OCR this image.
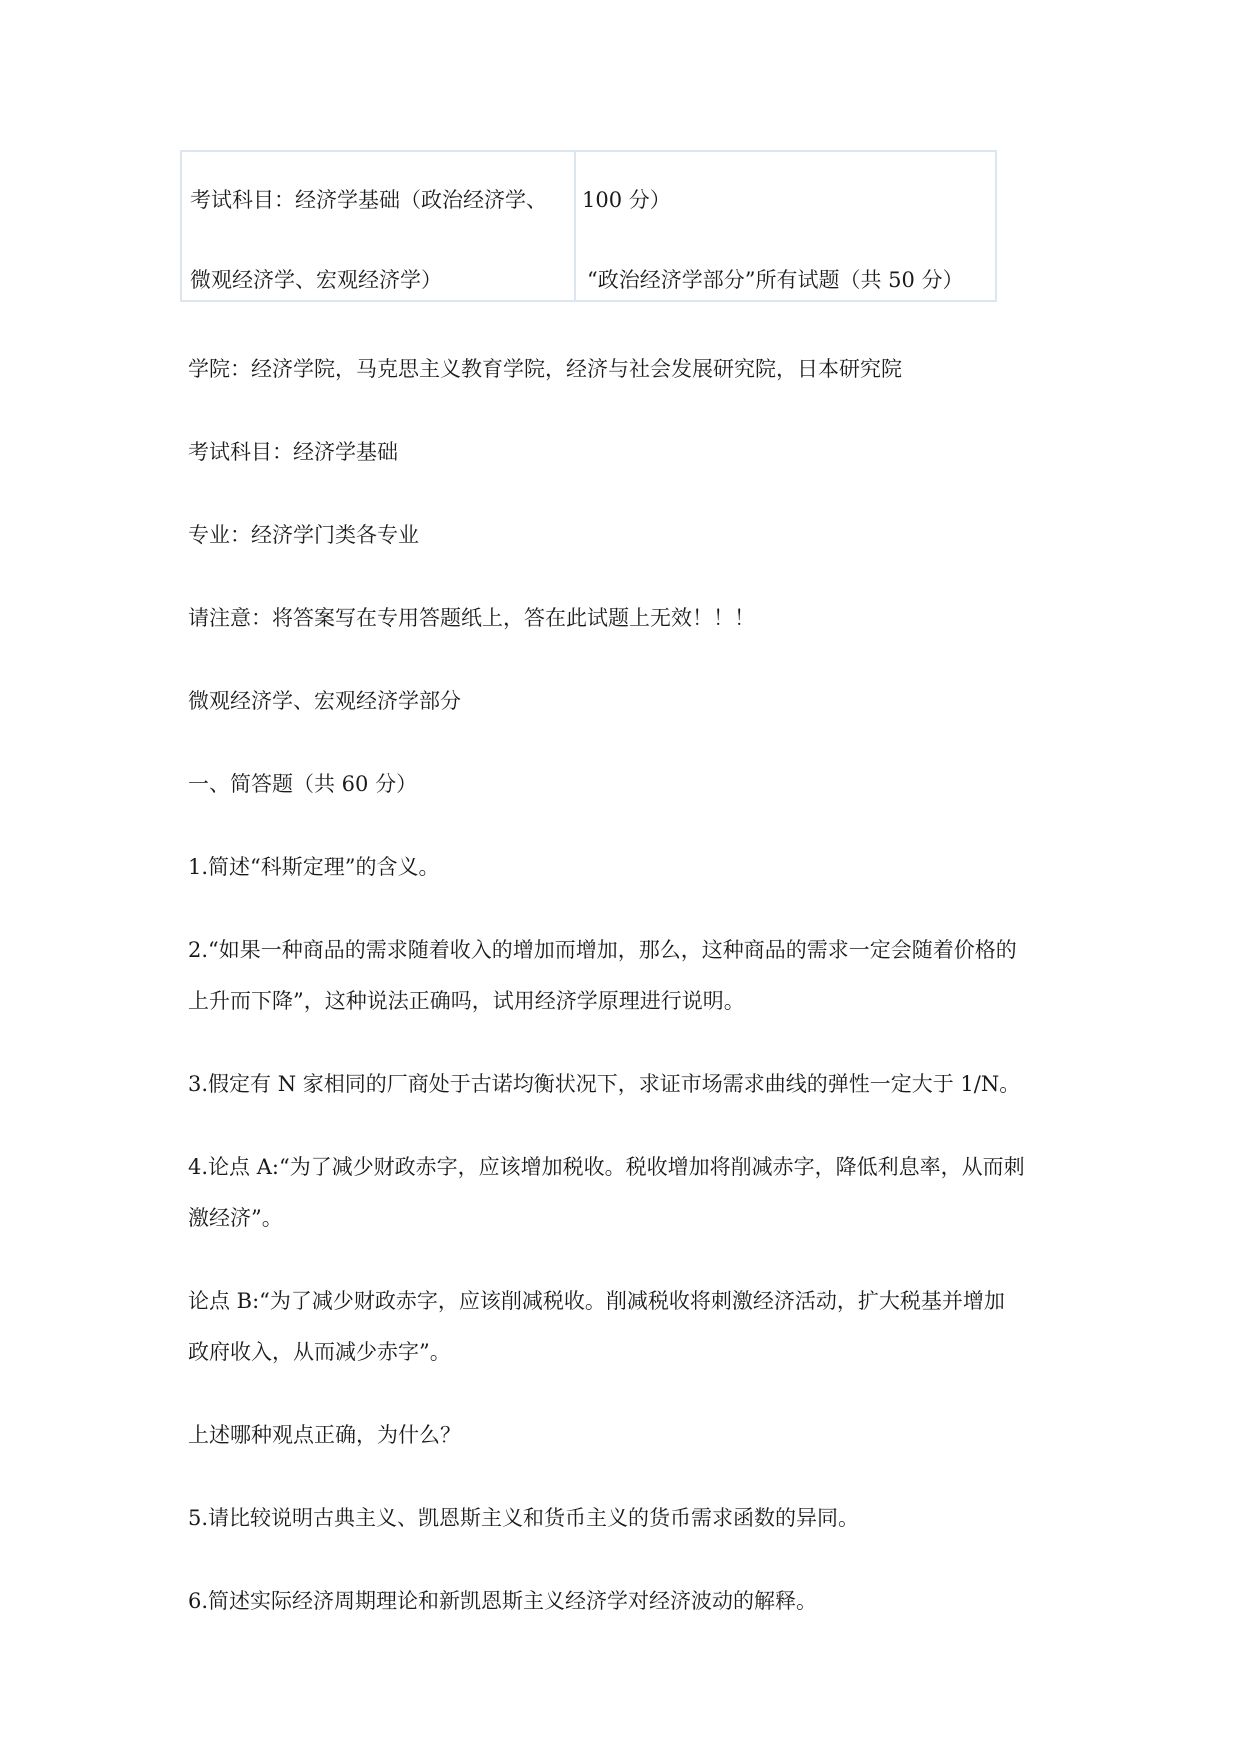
考试科目：经济学基础（政治经济学、
微观经济学、宏观经济学）
100 分）
“政治经济学部分”所有试题（共 50 分）
学院：经济学院，马克思主义教育学院，经济与社会发展研究院，日本研究院
考试科目：经济学基础
专业：经济学门类各专业
请注意：将答案写在专用答题纸上，答在此试题上无效！！！
微观经济学、宏观经济学部分
一、简答题（共 60 分）
1.简述“科斯定理”的含义。
2.“如果一种商品的需求随着收入的增加而增加，那么，这种商品的需求一定会随着价格的
上升而下降”，这种说法正确吗，试用经济学原理进行说明。
3.假定有 N 家相同的厂商处于古诺均衡状况下，求证市场需求曲线的弹性一定大于 1/N。
4.论点 A:“为了减少财政赤字，应该增加税收。税收增加将削减赤字，降低利息率，从而刺
激经济”。
论点 B:“为了减少财政赤字，应该削减税收。削减税收将刺激经济活动，扩大税基并增加
政府收入，从而减少赤字”。
上述哪种观点正确，为什么？
5.请比较说明古典主义、凯恩斯主义和货币主义的货币需求函数的异同。
6.简述实际经济周期理论和新凯恩斯主义经济学对经济波动的解释。
